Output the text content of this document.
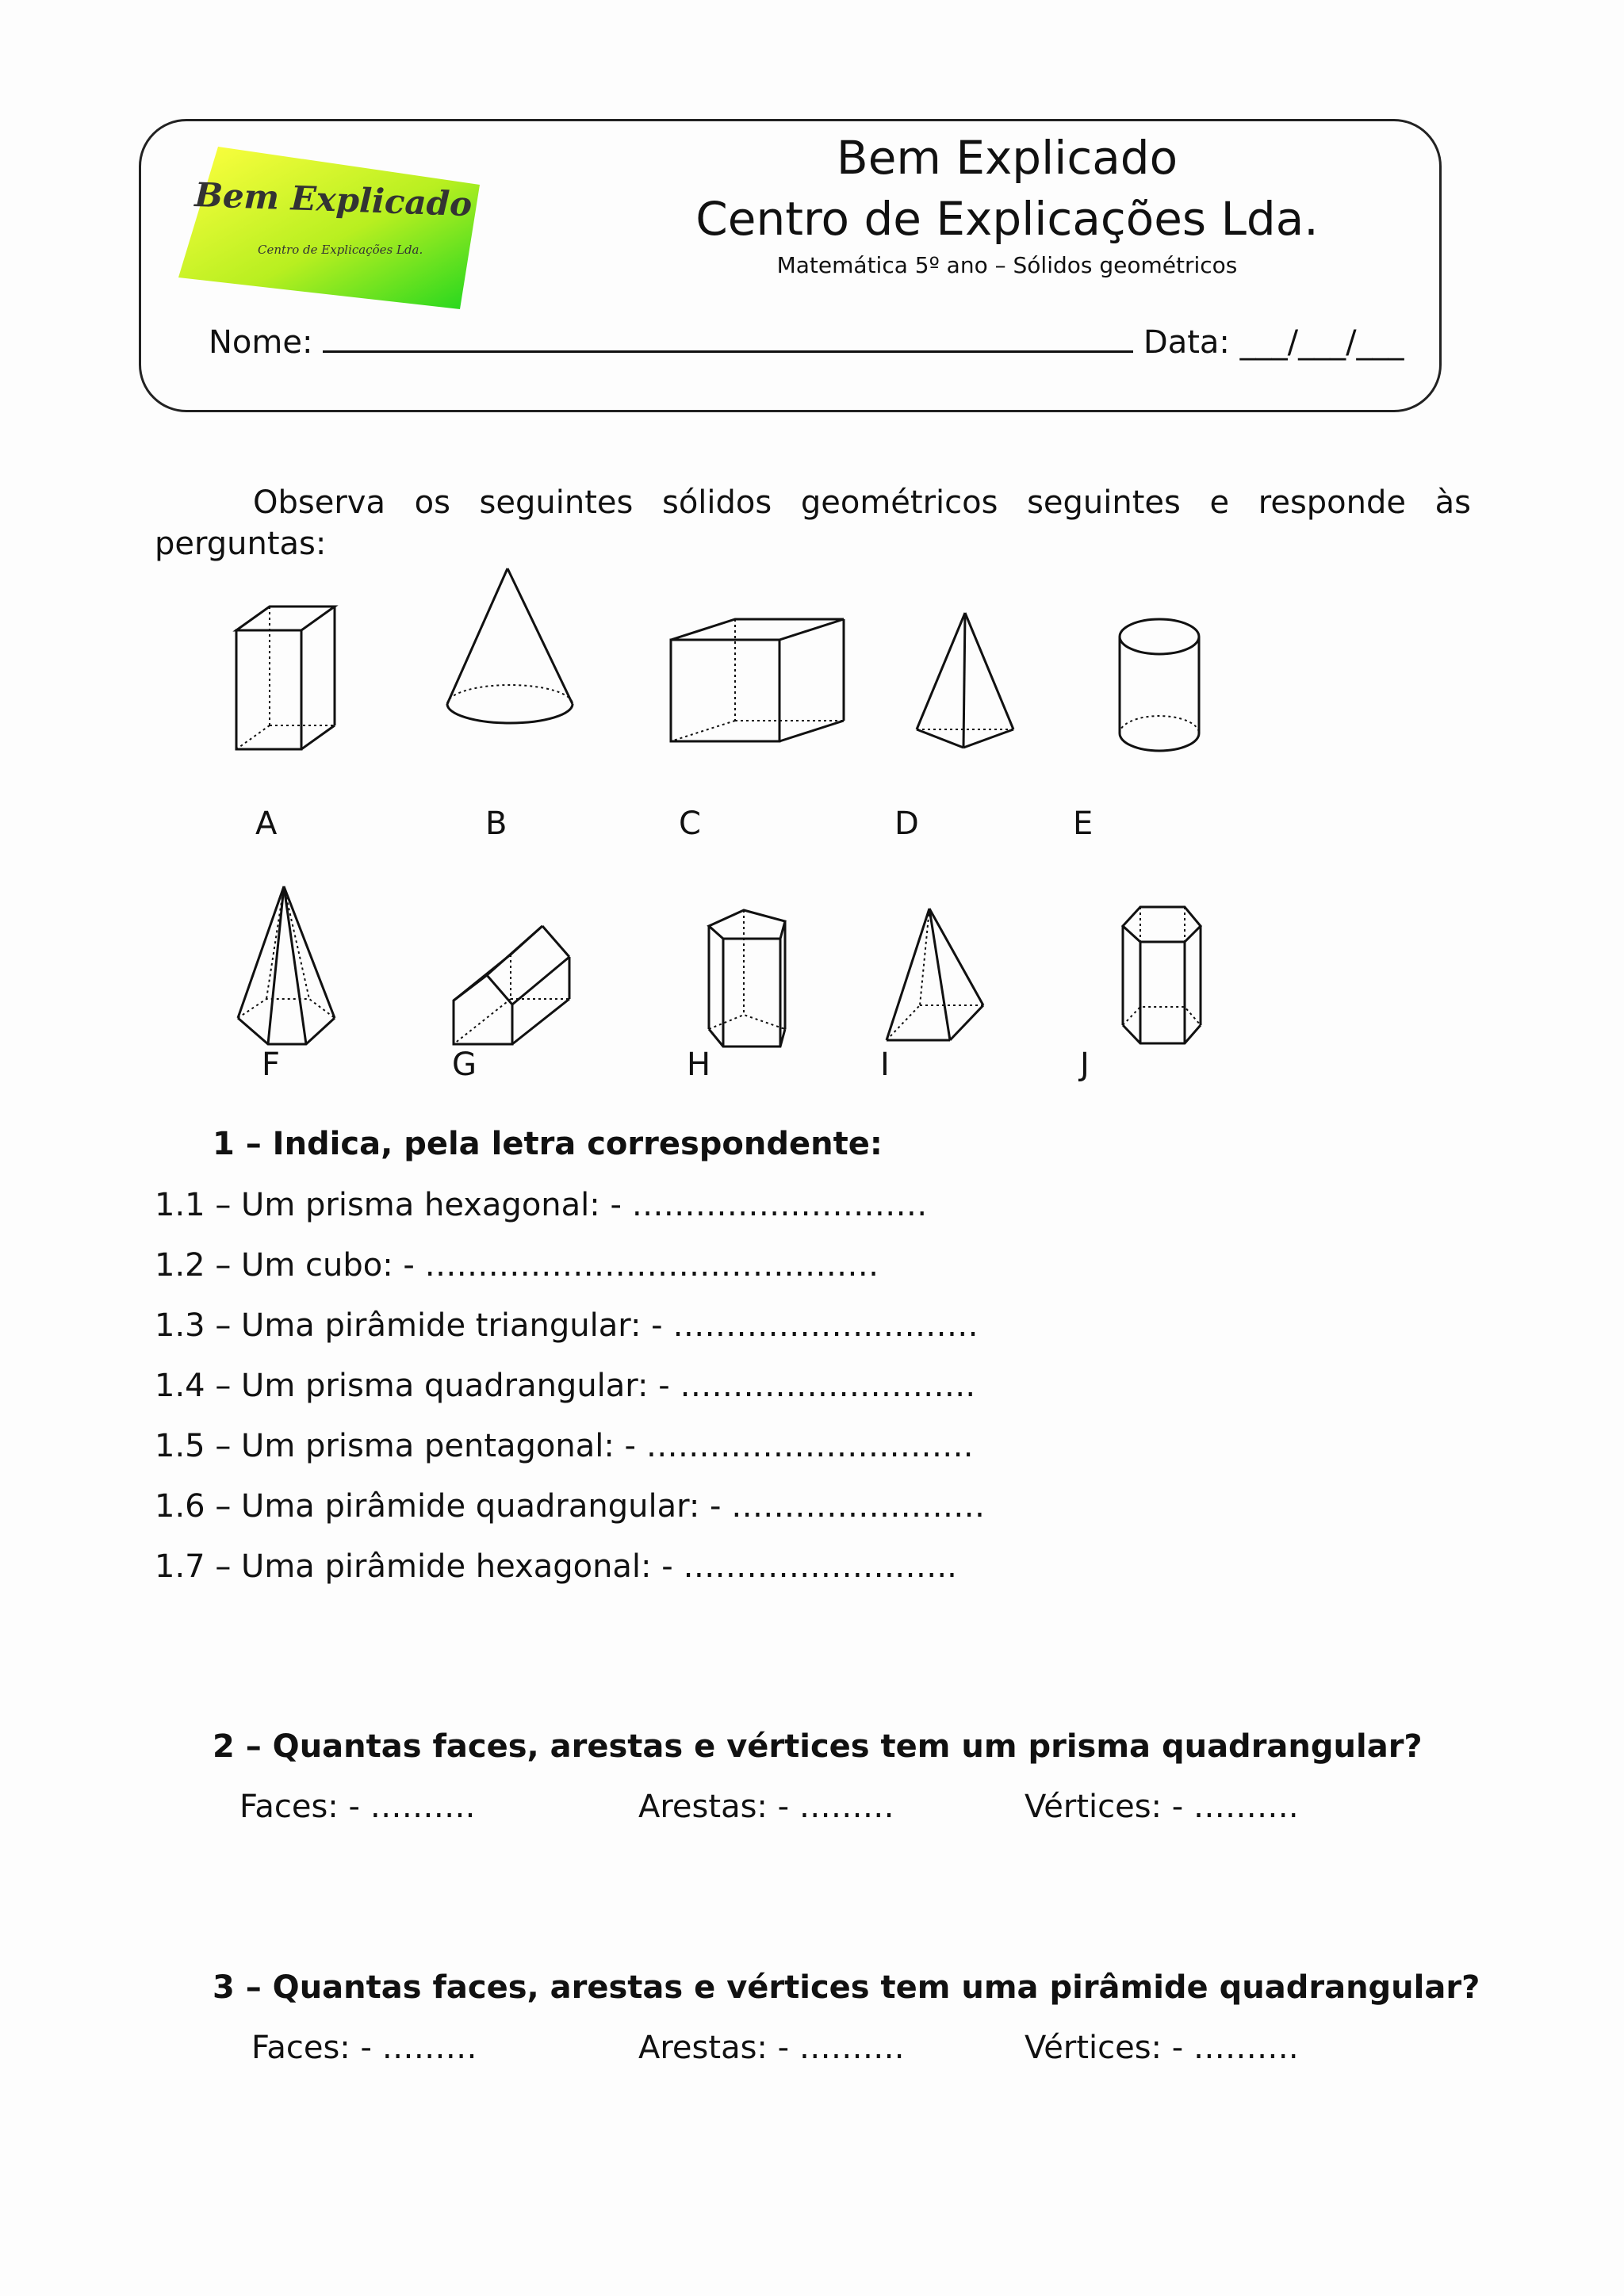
Bem Explicado
Centro de Explicações Lda.
Bem Explicado
Centro de Explicações Lda.
Matemática 5º ano – Sólidos geométricos
Nome:	Data: ___/___/___
Observa os seguintes sólidos geométricos seguintes e responde às perguntas:
A	B	C	D	E
F	G	H	I	J
1 – Indica, pela letra correspondente:
1.1 – Um prisma hexagonal: - …………….…………
1.2 – Um cubo: - …………………………….………
1.3 – Uma pirâmide triangular: - ………………..………
1.4 – Um prisma quadrangular: - ……………………….
1.5 – Um prisma pentagonal: - ………………………….
1.6 – Uma pirâmide quadrangular: - ……………………
1.7 – Uma pirâmide hexagonal: - ……………………..
2 – Quantas faces, arestas e vértices tem um prisma quadrangular?
Faces: - ……….	Arestas: - ………	Vértices: - ……….
3 – Quantas faces, arestas e vértices tem uma pirâmide quadrangular?
Faces: - ………	Arestas: - ……….	Vértices: - ……….
